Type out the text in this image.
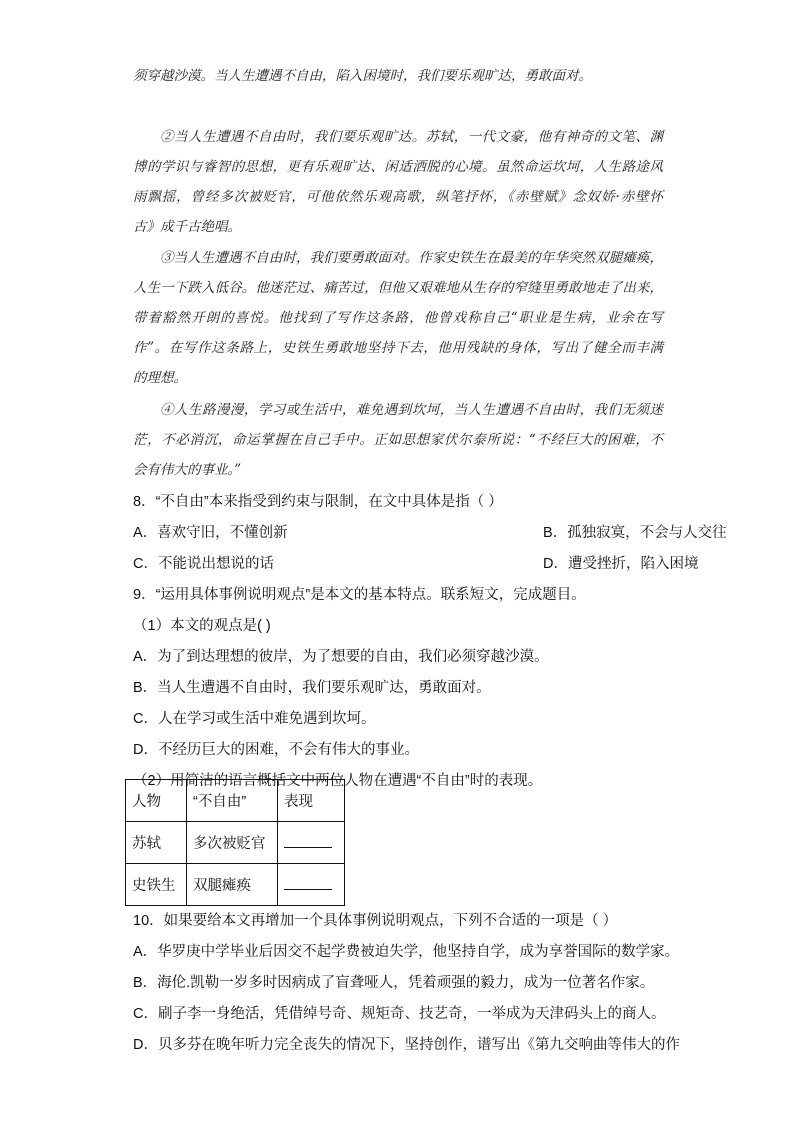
须穿越沙漠。当人生遭遇不自由，陷入困境时，我们要乐观旷达，勇敢面对。
②当人生遭遇不自由时，我们要乐观旷达。苏轼，一代文豪，他有神奇的文笔、渊
博的学识与睿智的思想，更有乐观旷达、闲适洒脱的心境。虽然命运坎坷，人生路途风
雨飘摇，曾经多次被贬官，可他依然乐观高歌，纵笔抒怀，《赤壁赋》念奴娇·赤壁怀
古》成千古绝唱。
③当人生遭遇不自由时，我们要勇敢面对。作家史铁生在最美的年华突然双腿瘫痪，
人生一下跌入低谷。他迷茫过、痛苦过，但他又艰难地从生存的窄缝里勇敢地走了出来，
带着豁然开朗的喜悦。他找到了写作这条路，他曾戏称自己“职业是生病，业余在写
作”。在写作这条路上，史铁生勇敢地坚持下去，他用残缺的身体，写出了健全而丰满
的理想。
④人生路漫漫，学习或生活中，难免遇到坎坷，当人生遭遇不自由时，我们无须迷
茫，不必消沉，命运掌握在自己手中。正如思想家伏尔泰所说：“不经巨大的困难，不
会有伟大的事业。”
8．“不自由”本来指受到约束与限制，在文中具体是指（ ）
A．喜欢守旧，不懂创新	B．孤独寂寞，不会与人交往
C．不能说出想说的话	D．遭受挫折，陷入困境
9．“运用具体事例说明观点”是本文的基本特点。联系短文，完成题目。
（1）本文的观点是( )
A．为了到达理想的彼岸，为了想要的自由，我们必须穿越沙漠。
B．当人生遭遇不自由时，我们要乐观旷达，勇敢面对。
C．人在学习或生活中难免遇到坎坷。
D．不经历巨大的困难，不会有伟大的事业。
（2）用简洁的语言概括文中两位人物在遭遇“不自由”时的表现。
人物	“不自由”	表现
苏轼	多次被贬官	
史铁生	双腿瘫痪	
10．如果要给本文再增加一个具体事例说明观点，下列不合适的一项是（ ）
A．华罗庚中学毕业后因交不起学费被迫失学，他坚持自学，成为享誉国际的数学家。
B．海伦.凯勒一岁多时因病成了盲聋哑人，凭着顽强的毅力，成为一位著名作家。
C．刷子李一身绝活，凭借绰号奇、规矩奇、技艺奇，一举成为天津码头上的商人。
D．贝多芬在晚年听力完全丧失的情况下，坚持创作，谱写出《第九交响曲等伟大的作
